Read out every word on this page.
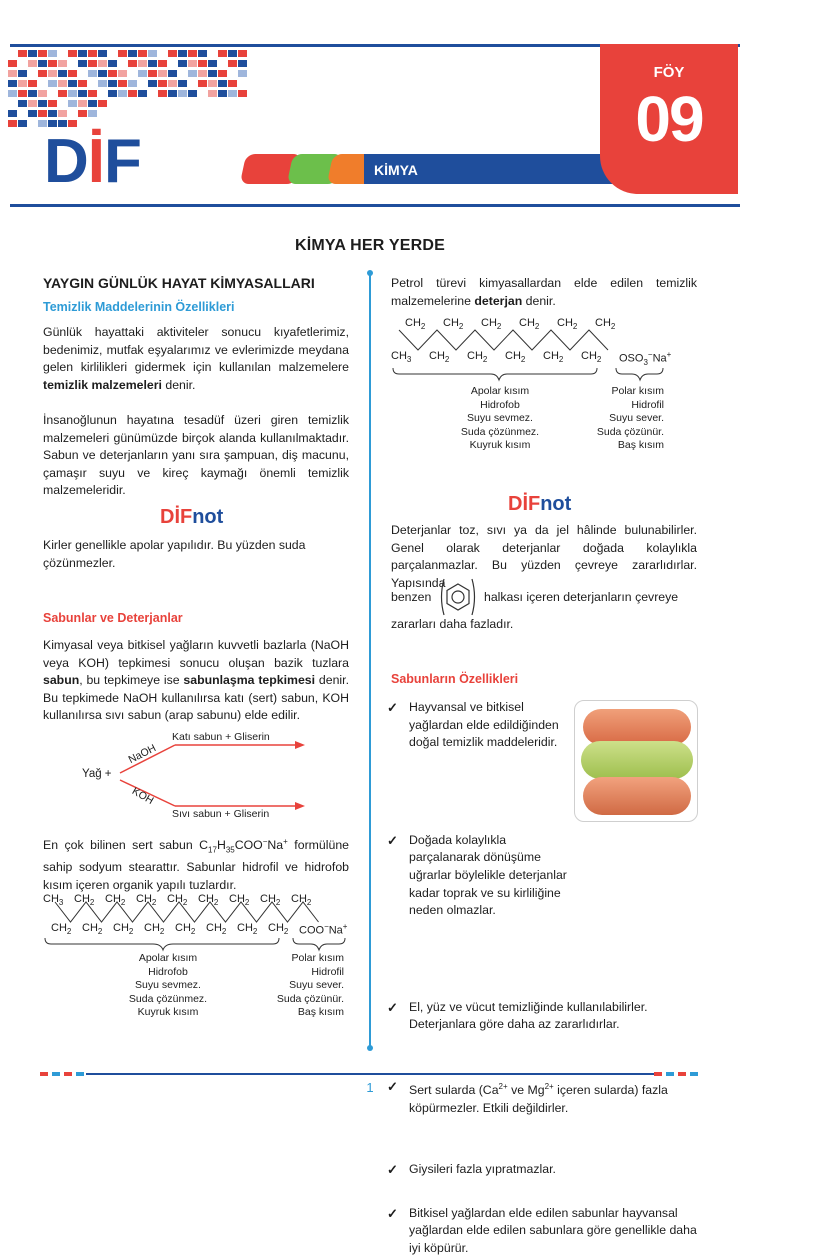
DİF	KİMYA
FÖY
09
KİMYA HER YERDE
YAYGIN GÜNLÜK HAYAT KİMYASALLARI
Temizlik Maddelerinin Özellikleri
Günlük hayattaki aktiviteler sonucu kıyafetlerimiz, bedenimiz, mutfak eşyalarımız ve evlerimizde meydana gelen kirlilikleri gidermek için kullanılan malzemelere temizlik malzemeleri denir.
İnsanoğlunun hayatına tesadüf üzeri giren temizlik malzemeleri günümüzde birçok alanda kullanılmaktadır. Sabun ve deterjanların yanı sıra şampuan, diş macunu, çamaşır suyu ve kireç kaymağı önemli temizlik malzemeleridir.
DİFnot
Kirler genellikle apolar yapılıdır. Bu yüzden suda çözünmezler.
Sabunlar ve Deterjanlar
Kimyasal veya bitkisel yağların kuvvetli bazlarla (NaOH veya KOH) tepkimesi sonucu oluşan bazik tuzlara sabun, bu tepkimeye ise sabunlaşma tepkimesi denir. Bu tepkimede NaOH kullanılırsa katı (sert) sabun, KOH kullanılırsa sıvı sabun (arap sabunu) elde edilir.
Yağ +
NaOH
Katı sabun + Gliserin
KOH
Sıvı sabun + Gliserin
En çok bilinen sert sabun $C_{17}H_{35}COO^-Na^+$ formülüne sahip sodyum stearattır. Sabunlar hidrofil ve hidrofob kısım içeren organik yapılı tuzlardır.
$CH_3$ $CH_2$ $CH_2$ $CH_2$ $CH_2$ $CH_2$ $CH_2$ $CH_2$ $CH_2$
$CH_2$ $CH_2$ $CH_2$ $CH_2$ $CH_2$ $CH_2$ $CH_2$ $CH_2$ COO−Na+
Apolar kısım
Hidrofob
Suyu sevmez.
Suda çözünmez.
Kuyruk kısım
Polar kısım
Hidrofil
Suyu sever.
Suda çözünür.
Baş kısım
Petrol türevi kimyasallardan elde edilen temizlik malzemelerine deterjan denir.
$CH_2$ $CH_2$ $CH_2$ $CH_2$ $CH_2$ $CH_2$
$CH_3$ $CH_2$ $CH_2$ $CH_2$ $CH_2$ $CH_2$ $OSO_3^-Na^+$
Apolar kısım
Hidrofob
Suyu sevmez.
Suda çözünmez.
Kuyruk kısım
Polar kısım
Hidrofil
Suyu sever.
Suda çözünür.
Baş kısım
DİFnot
Deterjanlar toz, sıvı ya da jel hâlinde bulunabilirler. Genel olarak deterjanlar doğada kolaylıkla parçalanmazlar. Bu yüzden çevreye zararlıdırlar. Yapısında
benzen	halkası içeren deterjanların çevreye
zararları daha fazladır.
Sabunların Özellikleri
✓ Hayvansal ve bitkisel yağlardan elde edildiğinden doğal temizlik maddeleridir.
✓ Doğada kolaylıkla parçalanarak dönüşüme uğrarlar böylelikle deterjanlar kadar toprak ve su kirliliğine neden olmazlar.
✓ El, yüz ve vücut temizliğinde kullanılabilirler. Deterjanlara göre daha az zararlıdırlar.
✓ Sert sularda ($Ca^{2+}$ ve $Mg^{2+}$ içeren sularda) fazla köpürmezler. Etkili değildirler.
✓ Giysileri fazla yıpratmazlar.
✓ Bitkisel yağlardan elde edilen sabunlar hayvansal yağlardan elde edilen sabunlara göre genellikle daha iyi köpürür.
1
